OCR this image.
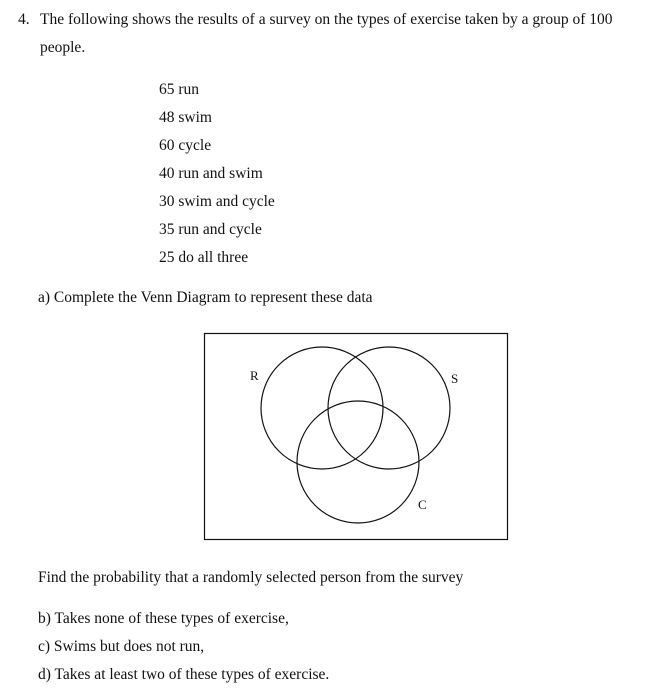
4. The following shows the results of a survey on the types of exercise taken by a group of 100
people.
65 run
48 swim
60 cycle
40 run and swim
30 swim and cycle
35 run and cycle
25 do all three
a) Complete the Venn Diagram to represent these data
R	S
C
Find the probability that a randomly selected person from the survey
b) Takes none of these types of exercise,
c) Swims but does not run,
d) Takes at least two of these types of exercise.
